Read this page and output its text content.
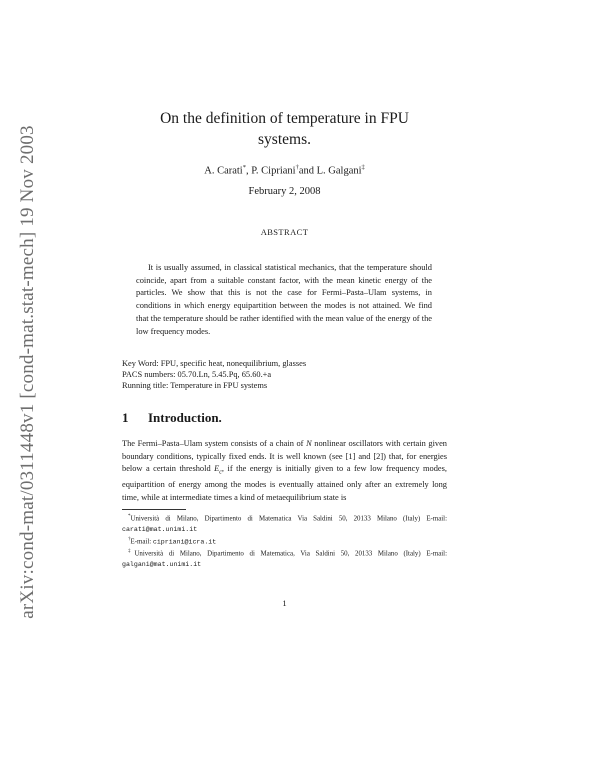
arXiv:cond-mat/0311448v1 [cond-mat.stat-mech] 19 Nov 2003
On the definition of temperature in FPU
systems.
A. Carati*, P. Cipriani†and L. Galgani‡
February 2, 2008
ABSTRACT

It is usually assumed, in classical statistical mechanics, that the temperature should coincide, apart from a suitable constant factor, with the mean kinetic energy of the particles. We show that this is not the case for Fermi–Pasta–Ulam systems, in conditions in which energy equipartition between the modes is not attained. We find that the temperature should be rather identified with the mean value of the energy of the low frequency modes.

Key Word: FPU, specific heat, nonequilibrium, glasses
PACS numbers: 05.70.Ln, 5.45.Pq, 65.60.+a
Running title: Temperature in FPU systems
1 Introduction.

The Fermi–Pasta–Ulam system consists of a chain of N nonlinear oscillators with certain given boundary conditions, typically fixed ends. It is well known (see [1] and [2]) that, for energies below a certain threshold $E_c$, if the energy is initially given to a few low frequency modes, equipartition of energy among the modes is eventually attained only after an extremely long time, while at intermediate times a kind of metaequilibrium state is

*Università di Milano, Dipartimento di Matematica Via Saldini 50, 20133 Milano (Italy) E-mail: carati@mat.unimi.it

†E-mail: cipriani@icra.it

‡Università di Milano, Dipartimento di Matematica, Via Saldini 50, 20133 Milano (Italy) E-mail: galgani@mat.unimi.it

1
